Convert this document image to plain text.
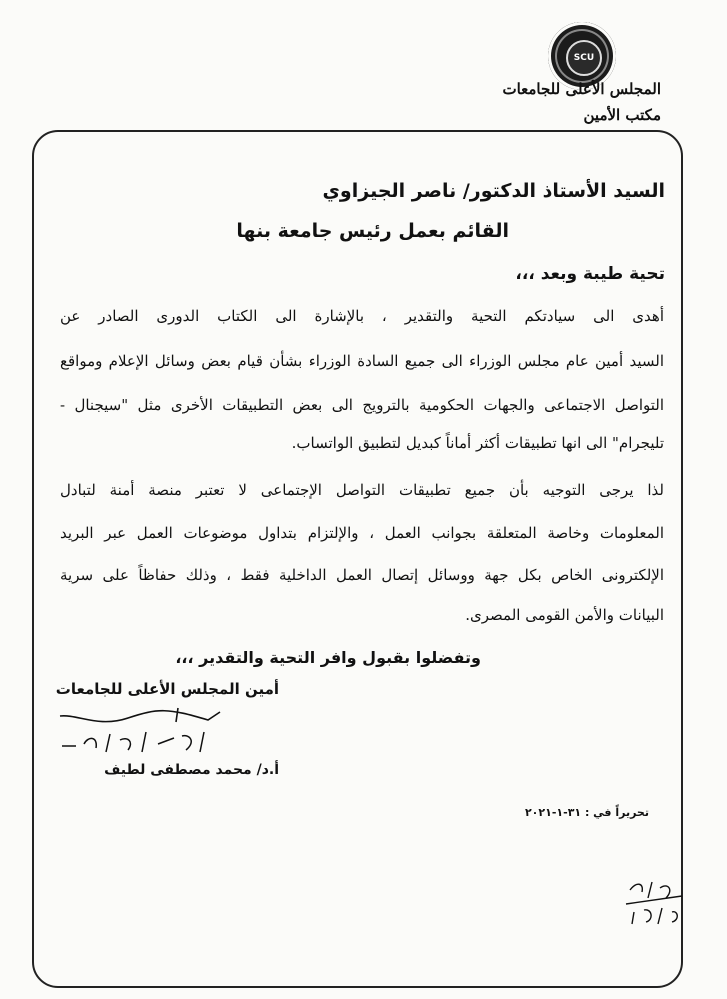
SCU
المجلس الأعلى للجامعات
مكتب الأمين
السيد الأستاذ الدكتور/ ناصر الجيزاوي
القائم بعمل رئيس جامعة بنها
تحية طيبة وبعد ،،،
أهدى الى سيادتكم التحية والتقدير ، بالإشارة الى الكتاب الدورى الصادر عن
السيد أمين عام مجلس الوزراء الى جميع السادة الوزراء بشأن قيام بعض وسائل الإعلام ومواقع
التواصل الاجتماعى والجهات الحكومية بالترويج الى بعض التطبيقات الأخرى مثل "سيجنال -
تليجرام" الى انها تطبيقات أكثر أماناً كبديل لتطبيق الواتساب.
لذا يرجى التوجيه بأن جميع تطبيقات التواصل الإجتماعى لا تعتبر منصة أمنة لتبادل
المعلومات وخاصة المتعلقة بجوانب العمل ، والإلتزام بتداول موضوعات العمل عبر البريد
الإلكترونى الخاص بكل جهة ووسائل إتصال العمل الداخلية فقط ، وذلك حفاظاً على سرية
البيانات والأمن القومى المصرى.
وتفضلوا بقبول وافر التحية والتقدير ،،،
أمين المجلس الأعلى للجامعات
أ.د/ محمد مصطفى لطيف
تحريراً في : ٣١-١-٢٠٢١
